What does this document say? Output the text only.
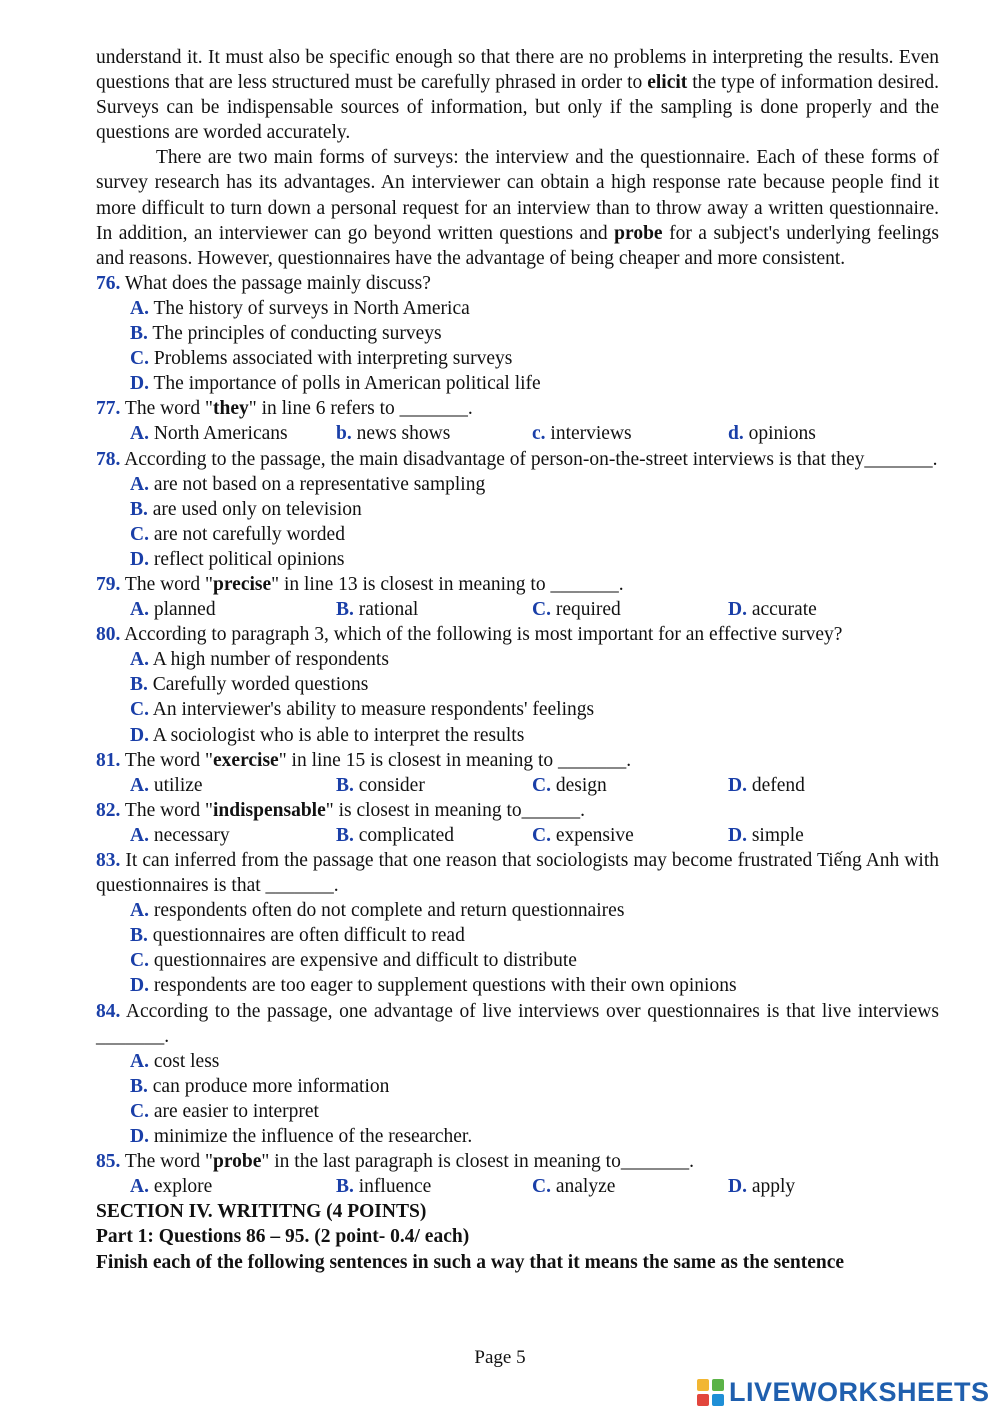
understand it. It must also be specific enough so that there are no problems in interpreting the results. Even questions that are less structured must be carefully phrased in order to elicit the type of information desired. Surveys can be indispensable sources of information, but only if the sampling is done properly and the questions are worded accurately.

There are two main forms of surveys: the interview and the questionnaire. Each of these forms of survey research has its advantages. An interviewer can obtain a high response rate because people find it more difficult to turn down a personal request for an interview than to throw away a written questionnaire. In addition, an interviewer can go beyond written questions and probe for a subject's underlying feelings and reasons. However, questionnaires have the advantage of being cheaper and more consistent.

76. What does the passage mainly discuss?

A. The history of surveys in North America

B. The principles of conducting surveys

C. Problems associated with interpreting surveys

D. The importance of polls in American political life

77. The word "they" in line 6 refers to _______.

A. North Americans b. news shows	c. interviews	d. opinions

78. According to the passage, the main disadvantage of person-on-the-street interviews is that they_______.

A. are not based on a representative sampling

B. are used only on television

C. are not carefully worded

D. reflect political opinions

79. The word "precise" in line 13 is closest in meaning to _______.

A. planned	B. rational	C. required	D. accurate

80. According to paragraph 3, which of the following is most important for an effective survey?

A. A high number of respondents

B. Carefully worded questions

C. An interviewer's ability to measure respondents' feelings

D. A sociologist who is able to interpret the results

81. The word "exercise" in line 15 is closest in meaning to _______.

A. utilize	B. consider	C. design	D. defend

82. The word "indispensable" is closest in meaning to______.

A. necessary	B. complicated	C. expensive	D. simple

83. It can inferred from the passage that one reason that sociologists may become frustrated Tiếng Anh with questionnaires is that _______.

A. respondents often do not complete and return questionnaires

B. questionnaires are often difficult to read

C. questionnaires are expensive and difficult to distribute

D. respondents are too eager to supplement questions with their own opinions

84. According to the passage, one advantage of live interviews over questionnaires is that live interviews _______.

A. cost less

B. can produce more information

C. are easier to interpret

D. minimize the influence of the researcher.

85. The word "probe" in the last paragraph is closest in meaning to_______.

A. explore	B. influence	C. analyze	D. apply

SECTION IV. WRITITNG (4 POINTS)

Part 1: Questions 86 – 95. (2 point- 0.4/ each)

Finish each of the following sentences in such a way that it means the same as the sentence

Page 5
LIVEWORKSHEETS
